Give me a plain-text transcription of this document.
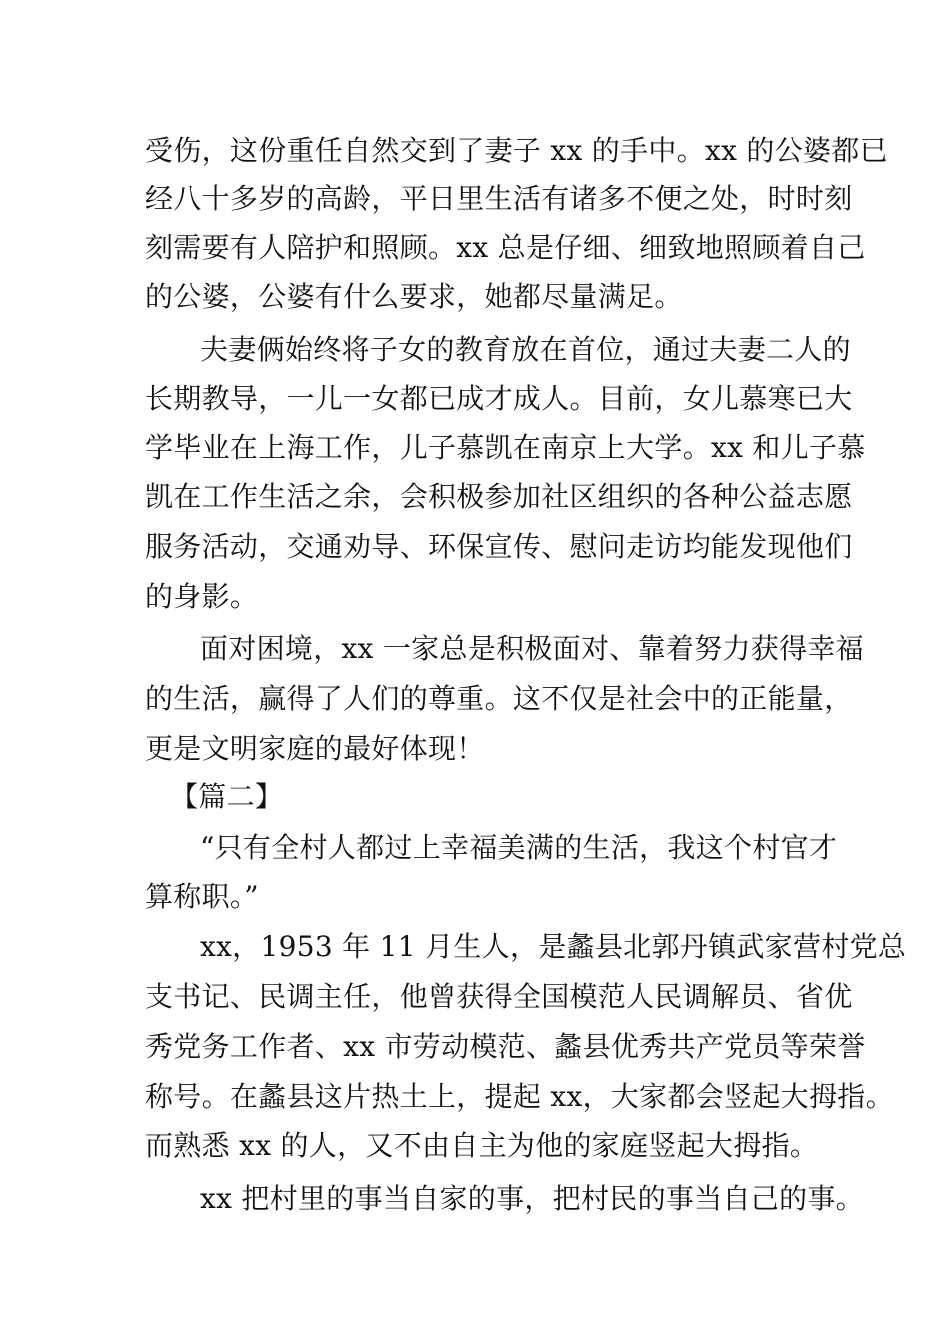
受伤，这份重任自然交到了妻子 xx 的手中。xx 的公婆都已

经八十多岁的高龄，平日里生活有诸多不便之处，时时刻

刻需要有人陪护和照顾。xx 总是仔细、细致地照顾着自己

的公婆，公婆有什么要求，她都尽量满足。

夫妻俩始终将子女的教育放在首位，通过夫妻二人的

长期教导，一儿一女都已成才成人。目前，女儿慕寒已大

学毕业在上海工作，儿子慕凯在南京上大学。xx 和儿子慕

凯在工作生活之余，会积极参加社区组织的各种公益志愿

服务活动，交通劝导、环保宣传、慰问走访均能发现他们

的身影。

面对困境，xx 一家总是积极面对、靠着努力获得幸福

的生活，赢得了人们的尊重。这不仅是社会中的正能量，

更是文明家庭的最好体现！

【篇二】

“只有全村人都过上幸福美满的生活，我这个村官才

算称职。”

xx，1953 年 11 月生人，是蠡县北郭丹镇武家营村党总

支书记、民调主任，他曾获得全国模范人民调解员、省优

秀党务工作者、xx 市劳动模范、蠡县优秀共产党员等荣誉

称号。在蠡县这片热土上，提起 xx，大家都会竖起大拇指。

而熟悉 xx 的人，又不由自主为他的家庭竖起大拇指。

xx 把村里的事当自家的事，把村民的事当自己的事。
